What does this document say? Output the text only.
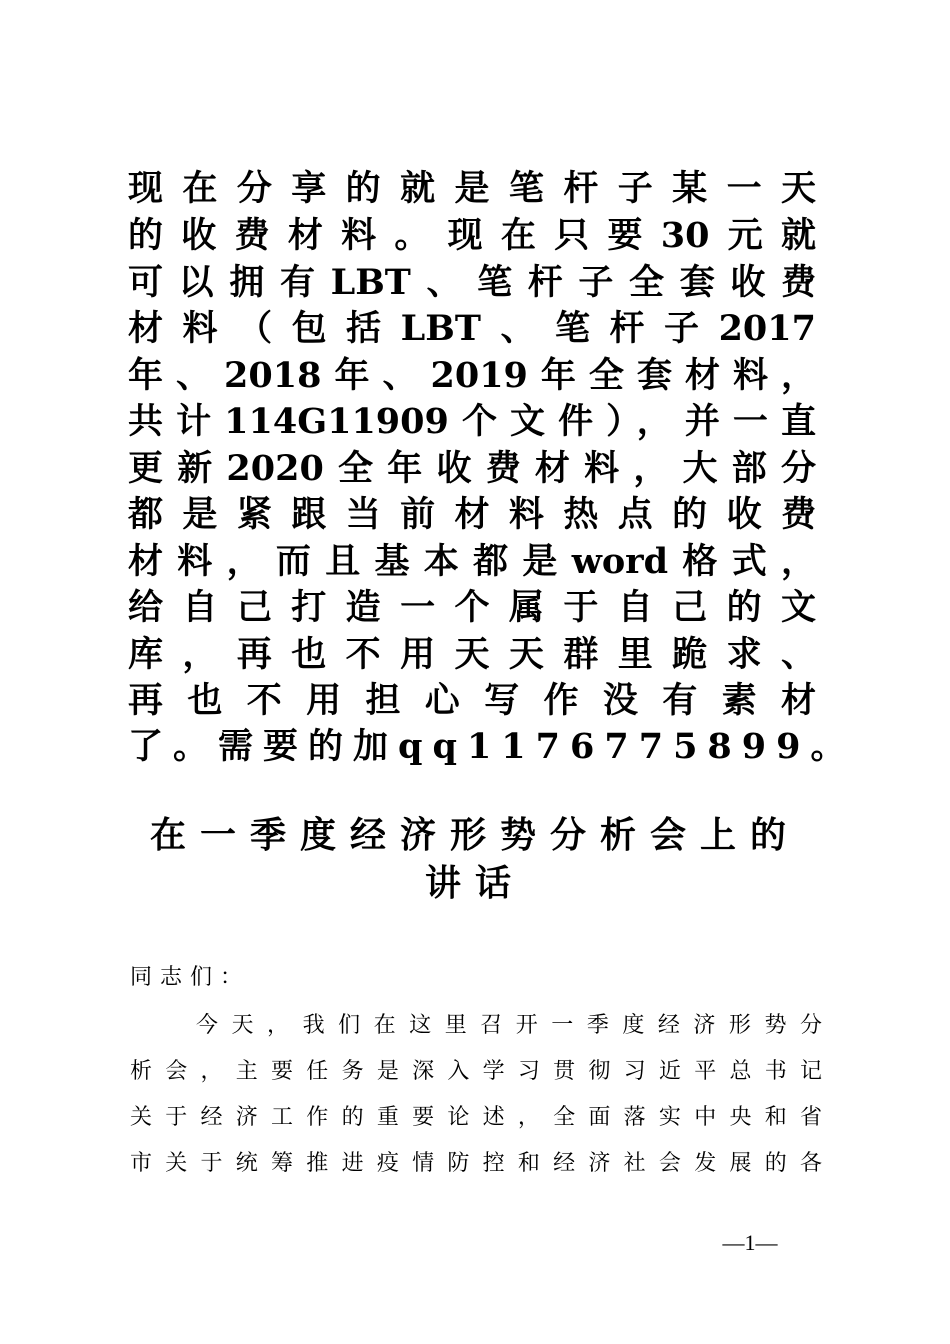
现在分享的就是笔杆子某一天
的收费材料。现在只要30元就
可以拥有LBT、笔杆子全套收费
材料（包括LBT、笔杆子2017
年、2018年、2019年全套材料，
共计114G11909个文件），并一直
更新2020全年收费材料，大部分
都是紧跟当前材料热点的收费
材料，而且基本都是word格式，
给自己打造一个属于自己的文
库，再也不用天天群里跪求、
再也不用担心写作没有素材
了。需要的加qq1176775899。
在一季度经济形势分析会上的
讲话
同志们：
今天，我们在这里召开一季度经济形势分
析会，主要任务是深入学习贯彻习近平总书记
关于经济工作的重要论述，全面落实中央和省
市关于统筹推进疫情防控和经济社会发展的各
—1—
